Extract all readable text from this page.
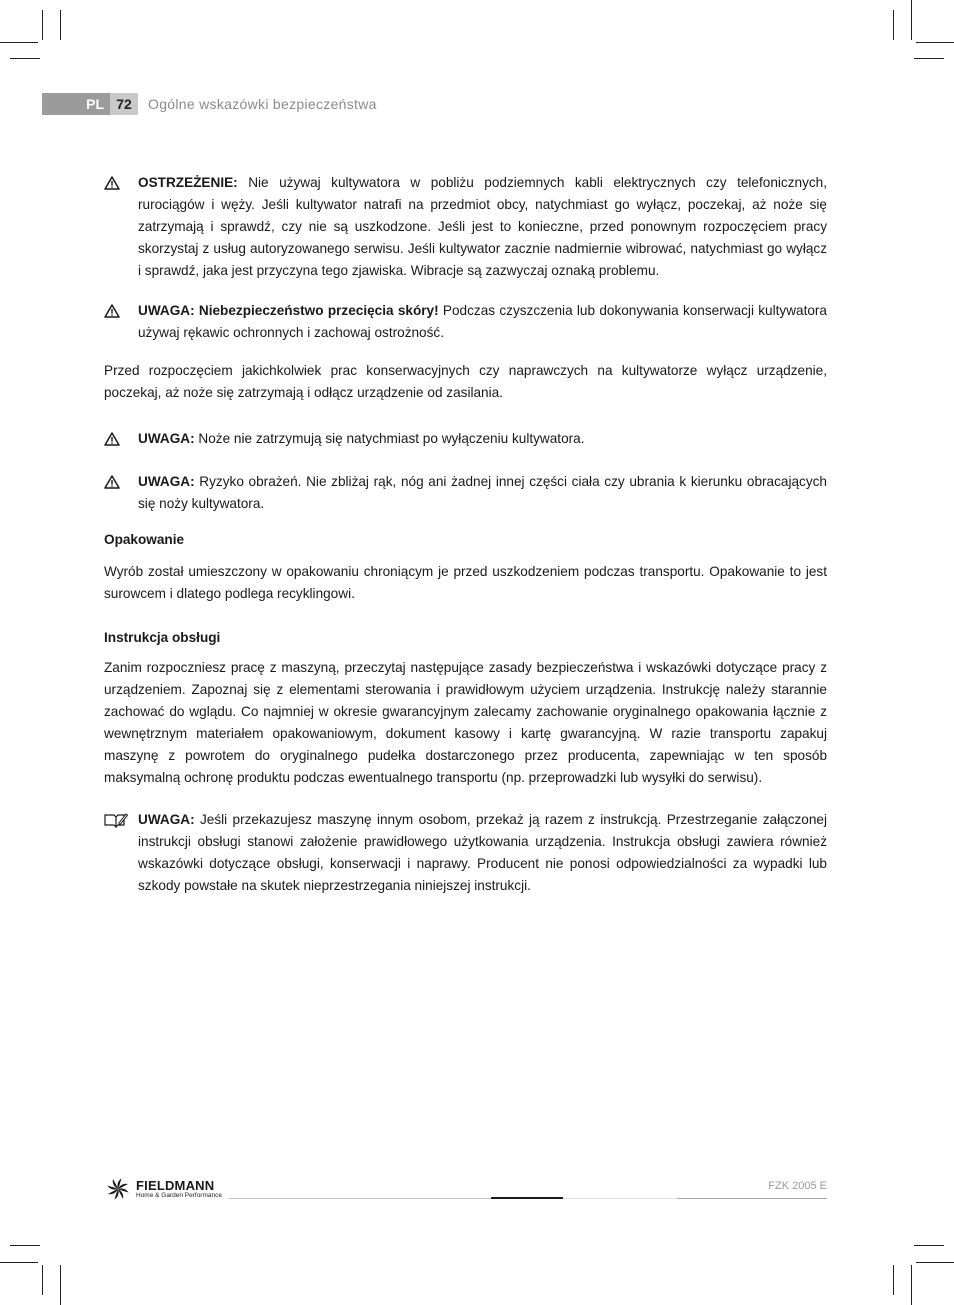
PL 72	Ogólne wskazówki bezpieczeństwa
OSTRZEŻENIE: Nie używaj kultywatora w pobliżu podziemnych kabli elektrycznych czy telefonicznych, rurociągów i węży. Jeśli kultywator natrafi na przedmiot obcy, natychmiast go wyłącz, poczekaj, aż noże się zatrzymają i sprawdź, czy nie są uszkodzone. Jeśli jest to konieczne, przed ponownym rozpoczęciem pracy skorzystaj z usług autoryzowanego serwisu. Jeśli kultywator zacznie nadmiernie wibrować, natychmiast go wyłącz i sprawdź, jaka jest przyczyna tego zjawiska. Wibracje są zazwyczaj oznaką problemu.
UWAGA: Niebezpieczeństwo przecięcia skóry! Podczas czyszczenia lub dokonywania konserwacji kultywatora używaj rękawic ochronnych i zachowaj ostrożność.

Przed rozpoczęciem jakichkolwiek prac konserwacyjnych czy naprawczych na kultywatorze wyłącz urządzenie, poczekaj, aż noże się zatrzymają i odłącz urządzenie od zasilania.

UWAGA: Noże nie zatrzymują się natychmiast po wyłączeniu kultywatora.
UWAGA: Ryzyko obrażeń. Nie zbliżaj rąk, nóg ani żadnej innej części ciała czy ubrania k kierunku obracających się noży kultywatora.

Opakowanie

Wyrób został umieszczony w opakowaniu chroniącym je przed uszkodzeniem podczas transportu. Opakowanie to jest surowcem i dlatego podlega recyklingowi.

Instrukcja obsługi

Zanim rozpoczniesz pracę z maszyną, przeczytaj następujące zasady bezpieczeństwa i wskazówki dotyczące pracy z urządzeniem. Zapoznaj się z elementami sterowania i prawidłowym użyciem urządzenia. Instrukcję należy starannie zachować do wglądu. Co najmniej w okresie gwarancyjnym zalecamy zachowanie oryginalnego opakowania łącznie z wewnętrznym materiałem opakowaniowym, dokument kasowy i kartę gwarancyjną. W razie transportu zapakuj maszynę z powrotem do oryginalnego pudełka dostarczonego przez producenta, zapewniając w ten sposób maksymalną ochronę produktu podczas ewentualnego transportu (np. przeprowadzki lub wysyłki do serwisu).

UWAGA: Jeśli przekazujesz maszynę innym osobom, przekaż ją razem z instrukcją. Przestrzeganie załączonej instrukcji obsługi stanowi założenie prawidłowego użytkowania urządzenia. Instrukcja obsługi zawiera również wskazówki dotyczące obsługi, konserwacji i naprawy. Producent nie ponosi odpowiedzialności za wypadki lub szkody powstałe na skutek nieprzestrzegania niniejszej instrukcji.
FIELDMANN
Home & Garden Performance
FZK 2005 E
